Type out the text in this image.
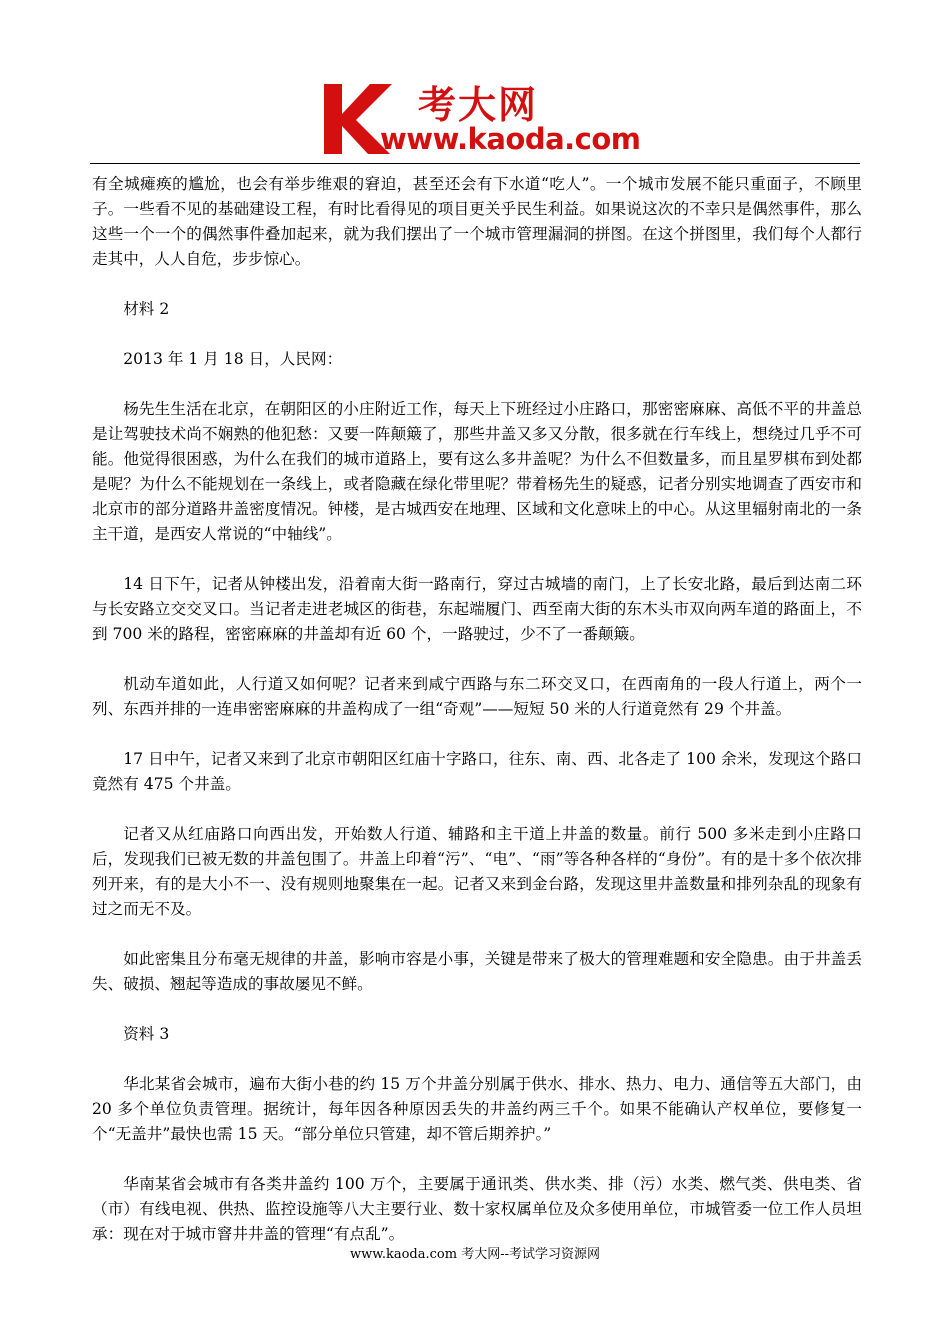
考大网
www.kaoda.com

有全城瘫痪的尴尬，也会有举步维艰的窘迫，甚至还会有下水道“吃人”。一个城市发展不能只重面子，不顾里子。一些看不见的基础建设工程，有时比看得见的项目更关乎民生利益。如果说这次的不幸只是偶然事件，那么这些一个一个的偶然事件叠加起来，就为我们摆出了一个城市管理漏洞的拼图。在这个拼图里，我们每个人都行走其中，人人自危，步步惊心。

材料 2

2013 年 1 月 18 日，人民网：

杨先生生活在北京，在朝阳区的小庄附近工作，每天上下班经过小庄路口，那密密麻麻、高低不平的井盖总是让驾驶技术尚不娴熟的他犯愁：又要一阵颠簸了，那些井盖又多又分散，很多就在行车线上，想绕过几乎不可能。他觉得很困惑，为什么在我们的城市道路上，要有这么多井盖呢？为什么不但数量多，而且星罗棋布到处都是呢？为什么不能规划在一条线上，或者隐藏在绿化带里呢？带着杨先生的疑惑，记者分别实地调查了西安市和北京市的部分道路井盖密度情况。钟楼，是古城西安在地理、区域和文化意味上的中心。从这里辐射南北的一条主干道，是西安人常说的“中轴线”。

14 日下午，记者从钟楼出发，沿着南大街一路南行，穿过古城墙的南门，上了长安北路，最后到达南二环与长安路立交交叉口。当记者走进老城区的街巷，东起端履门、西至南大街的东木头市双向两车道的路面上，不到 700 米的路程，密密麻麻的井盖却有近 60 个，一路驶过，少不了一番颠簸。

机动车道如此，人行道又如何呢？记者来到咸宁西路与东二环交叉口，在西南角的一段人行道上，两个一列、东西并排的一连串密密麻麻的井盖构成了一组“奇观”——短短 50 米的人行道竟然有 29 个井盖。

17 日中午，记者又来到了北京市朝阳区红庙十字路口，往东、南、西、北各走了 100 余米，发现这个路口竟然有 475 个井盖。

记者又从红庙路口向西出发，开始数人行道、辅路和主干道上井盖的数量。前行 500 多米走到小庄路口后，发现我们已被无数的井盖包围了。井盖上印着“污”、“电”、“雨”等各种各样的“身份”。有的是十多个依次排列开来，有的是大小不一、没有规则地聚集在一起。记者又来到金台路，发现这里井盖数量和排列杂乱的现象有过之而无不及。

如此密集且分布毫无规律的井盖，影响市容是小事，关键是带来了极大的管理难题和安全隐患。由于井盖丢失、破损、翘起等造成的事故屡见不鲜。

资料 3

华北某省会城市，遍布大街小巷的约 15 万个井盖分别属于供水、排水、热力、电力、通信等五大部门，由 20 多个单位负责管理。据统计，每年因各种原因丢失的井盖约两三千个。如果不能确认产权单位，要修复一个“无盖井”最快也需 15 天。“部分单位只管建，却不管后期养护。”

华南某省会城市有各类井盖约 100 万个，主要属于通讯类、供水类、排（污）水类、燃气类、供电类、省（市）有线电视、供热、监控设施等八大主要行业、数十家权属单位及众多使用单位，市城管委一位工作人员坦承：现在对于城市窨井井盖的管理“有点乱”。

www.kaoda.com 考大网--考试学习资源网
